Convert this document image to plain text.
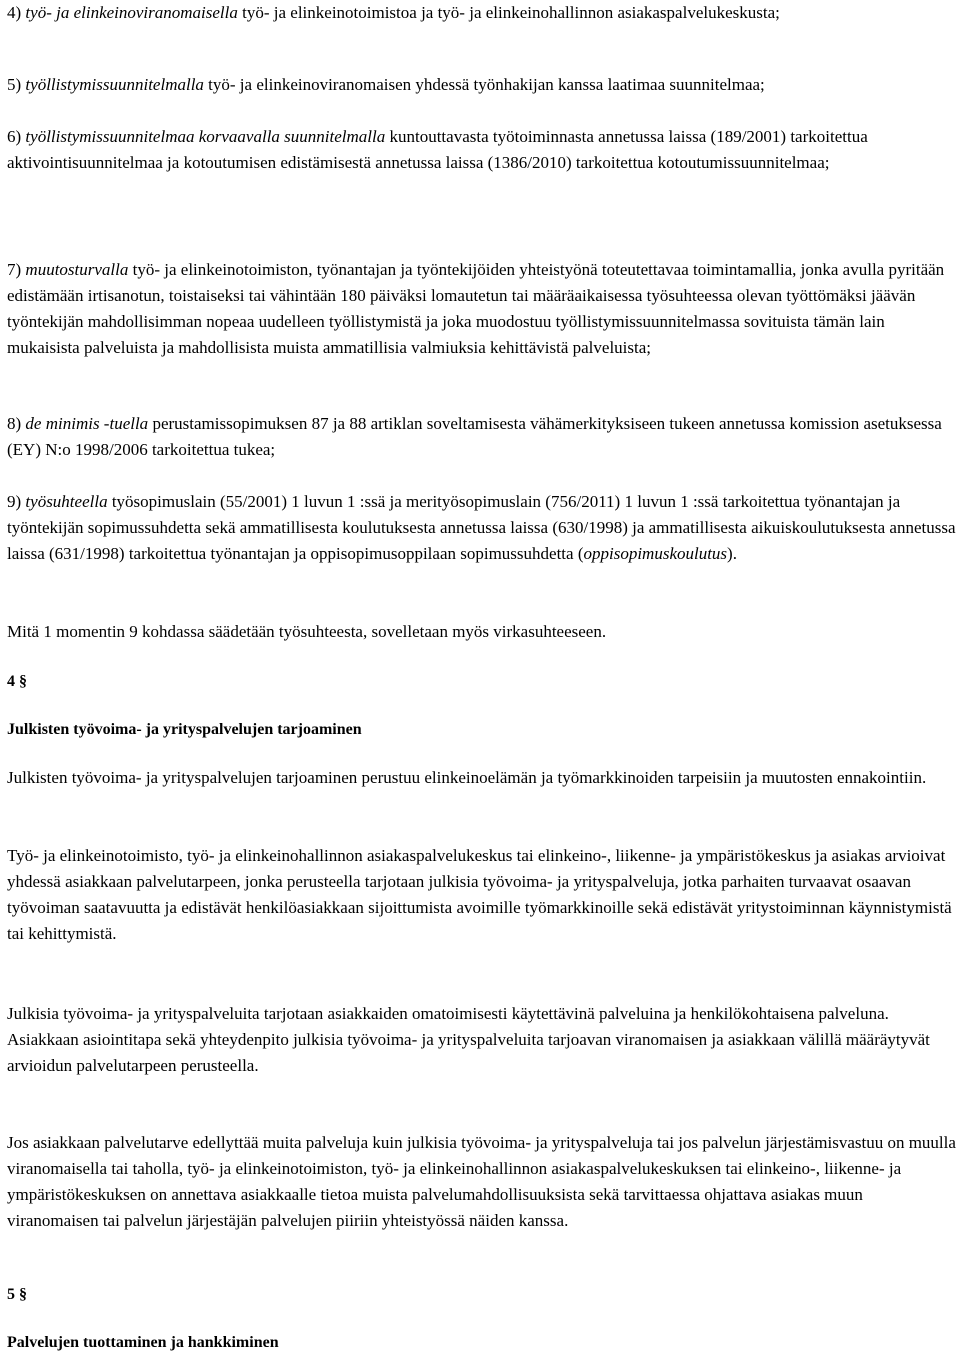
4) työ- ja elinkeinoviranomaisella työ- ja elinkeinotoimistoa ja työ- ja elinkeinohallinnon asiakaspalvelukeskusta;

5) työllistymissuunnitelmalla työ- ja elinkeinoviranomaisen yhdessä työnhakijan kanssa laatimaa suunnitelmaa;

6) työllistymissuunnitelmaa korvaavalla suunnitelmalla kuntouttavasta työtoiminnasta annetussa laissa (189/2001) tarkoitettua aktivointisuunnitelmaa ja kotoutumisen edistämisestä annetussa laissa (1386/2010) tarkoitettua kotoutumissuunnitelmaa;

7) muutosturvalla työ- ja elinkeinotoimiston, työnantajan ja työntekijöiden yhteistyönä toteutettavaa toimintamallia, jonka avulla pyritään edistämään irtisanotun, toistaiseksi tai vähintään 180 päiväksi lomautetun tai määräaikaisessa työsuhteessa olevan työttömäksi jäävän työntekijän mahdollisimman nopeaa uudelleen työllistymistä ja joka muodostuu työllistymissuunnitelmassa sovituista tämän lain mukaisista palveluista ja mahdollisista muista ammatillisia valmiuksia kehittävistä palveluista;

8) de minimis -tuella perustamissopimuksen 87 ja 88 artiklan soveltamisesta vähämerkityksiseen tukeen annetussa komission asetuksessa (EY) N:o 1998/2006 tarkoitettua tukea;

9) työsuhteella työsopimuslain (55/2001) 1 luvun 1 :ssä ja merityösopimuslain (756/2011) 1 luvun 1 :ssä tarkoitettua työnantajan ja työntekijän sopimussuhdetta sekä ammatillisesta koulutuksesta annetussa laissa (630/1998) ja ammatillisesta aikuiskoulutuksesta annetussa laissa (631/1998) tarkoitettua työnantajan ja oppisopimusoppilaan sopimussuhdetta (oppisopimuskoulutus).

Mitä 1 momentin 9 kohdassa säädetään työsuhteesta, sovelletaan myös virkasuhteeseen.

4 §
Julkisten työvoima- ja yrityspalvelujen tarjoaminen

Julkisten työvoima- ja yrityspalvelujen tarjoaminen perustuu elinkeinoelämän ja työmarkkinoiden tarpeisiin ja muutosten ennakointiin.

Työ- ja elinkeinotoimisto, työ- ja elinkeinohallinnon asiakaspalvelukeskus tai elinkeino-, liikenne- ja ympäristökeskus ja asiakas arvioivat yhdessä asiakkaan palvelutarpeen, jonka perusteella tarjotaan julkisia työvoima- ja yrityspalveluja, jotka parhaiten turvaavat osaavan työvoiman saatavuutta ja edistävät henkilöasiakkaan sijoittumista avoimille työmarkkinoille sekä edistävät yritystoiminnan käynnistymistä tai kehittymistä.

Julkisia työvoima- ja yrityspalveluita tarjotaan asiakkaiden omatoimisesti käytettävinä palveluina ja henkilökohtaisena palveluna. Asiakkaan asiointitapa sekä yhteydenpito julkisia työvoima- ja yrityspalveluita tarjoavan viranomaisen ja asiakkaan välillä määräytyvät arvioidun palvelutarpeen perusteella.

Jos asiakkaan palvelutarve edellyttää muita palveluja kuin julkisia työvoima- ja yrityspalveluja tai jos palvelun järjestämisvastuu on muulla viranomaisella tai taholla, työ- ja elinkeinotoimiston, työ- ja elinkeinohallinnon asiakaspalvelukeskuksen tai elinkeino-, liikenne- ja ympäristökeskuksen on annettava asiakkaalle tietoa muista palvelumahdollisuuksista sekä tarvittaessa ohjattava asiakas muun viranomaisen tai palvelun järjestäjän palvelujen piiriin yhteistyössä näiden kanssa.

5 §
Palvelujen tuottaminen ja hankkiminen
